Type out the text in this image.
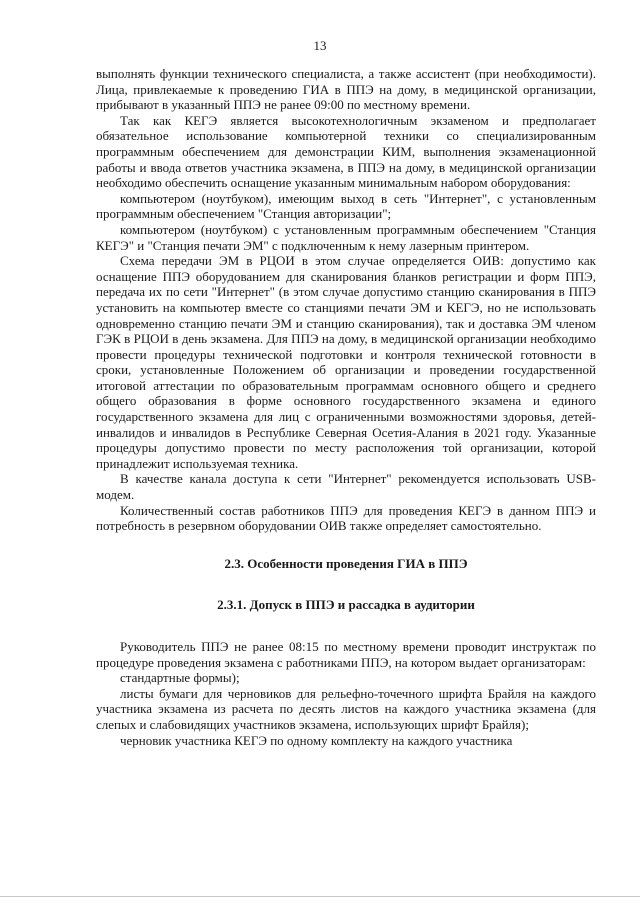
13

выполнять функции технического специалиста, а также ассистент (при необходимости). Лица, привлекаемые к проведению ГИА в ППЭ на дому, в медицинской организации, прибывают в указанный ППЭ не ранее 09:00 по местному времени.

Так как КЕГЭ является высокотехнологичным экзаменом и предполагает обязательное использование компьютерной техники со специализированным программным обеспечением для демонстрации КИМ, выполнения экзаменационной работы и ввода ответов участника экзамена, в ППЭ на дому, в медицинской организации необходимо обеспечить оснащение указанным минимальным набором оборудования:

компьютером (ноутбуком), имеющим выход в сеть "Интернет", с установленным программным обеспечением "Станция авторизации";

компьютером (ноутбуком) с установленным программным обеспечением "Станция КЕГЭ" и "Станция печати ЭМ" с подключенным к нему лазерным принтером.

Схема передачи ЭМ в РЦОИ в этом случае определяется ОИВ: допустимо как оснащение ППЭ оборудованием для сканирования бланков регистрации и форм ППЭ, передача их по сети "Интернет" (в этом случае допустимо станцию сканирования в ППЭ установить на компьютер вместе со станциями печати ЭМ и КЕГЭ, но не использовать одновременно станцию печати ЭМ и станцию сканирования), так и доставка ЭМ членом ГЭК в РЦОИ в день экзамена. Для ППЭ на дому, в медицинской организации необходимо провести процедуры технической подготовки и контроля технической готовности в сроки, установленные Положением об организации и проведении государственной итоговой аттестации по образовательным программам основного общего и среднего общего образования в форме основного государственного экзамена и единого государственного экзамена для лиц с ограниченными возможностями здоровья, детей-инвалидов и инвалидов в Республике Северная Осетия-Алания в 2021 году. Указанные процедуры допустимо провести по месту расположения той организации, которой принадлежит используемая техника.

В качестве канала доступа к сети "Интернет" рекомендуется использовать USB-модем.

Количественный состав работников ППЭ для проведения КЕГЭ в данном ППЭ и потребность в резервном оборудовании ОИВ также определяет самостоятельно.

2.3. Особенности проведения ГИА в ППЭ
2.3.1. Допуск в ППЭ и рассадка в аудитории

Руководитель ППЭ не ранее 08:15 по местному времени проводит инструктаж по процедуре проведения экзамена с работниками ППЭ, на котором выдает организаторам:

стандартные формы);

листы бумаги для черновиков для рельефно-точечного шрифта Брайля на каждого участника экзамена из расчета по десять листов на каждого участника экзамена (для слепых и слабовидящих участников экзамена, использующих шрифт Брайля);

черновик участника КЕГЭ по одному комплекту на каждого участника
